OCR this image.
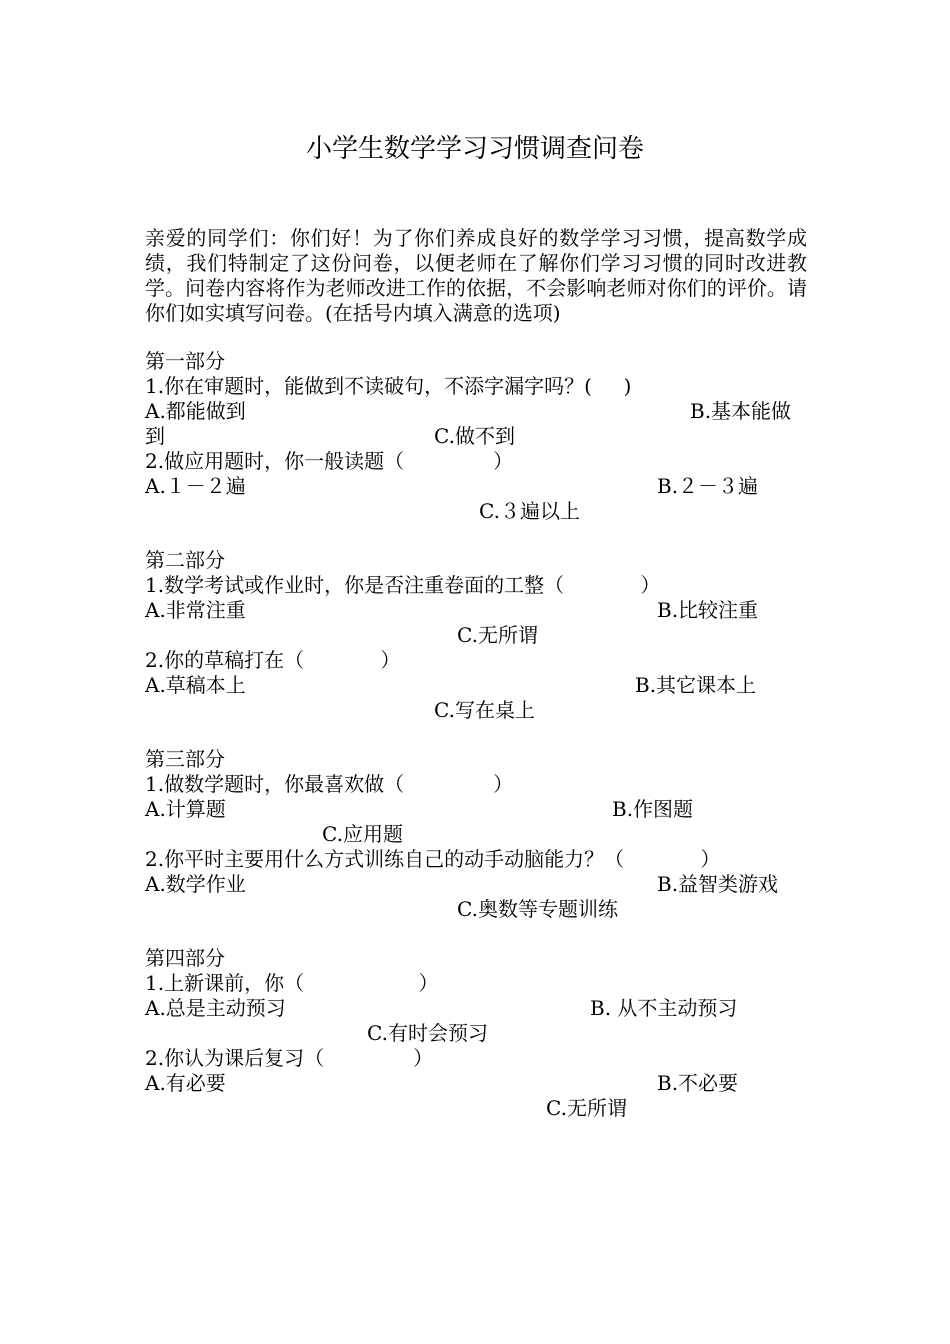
小学生数学学习习惯调查问卷

亲爱的同学们：你们好！为了你们养成良好的数学学习习惯，提高数学成绩，我们特制定了这份问卷，以便老师在了解你们学习习惯的同时改进教学。问卷内容将作为老师改进工作的依据，不会影响老师对你们的评价。请你们如实填写问卷。(在括号内填入满意的选项)

第一部分
1.你在审题时，能做到不读破句，不添字漏字吗？(     )
A.都能做到	B.基本能做
到	C.做不到
2.做应用题时，你一般读题（              ）
A.１－２遍	B.２－３遍
C.３遍以上
第二部分
1.数学考试或作业时，你是否注重卷面的工整（            ）
A.非常注重	B.比较注重
C.无所谓
2.你的草稿打在（            ）
A.草稿本上	B.其它课本上
C.写在桌上
第三部分
1.做数学题时，你最喜欢做（              ）
A.计算题	B.作图题
C.应用题
2.你平时主要用什么方式训练自己的动手动脑能力？（            ）
A.数学作业	B.益智类游戏
C.奥数等专题训练
第四部分
1.上新课前，你（                  ）
A.总是主动预习	B. 从不主动预习
C.有时会预习
2.你认为课后复习（              ）
A.有必要	B.不必要
C.无所谓
